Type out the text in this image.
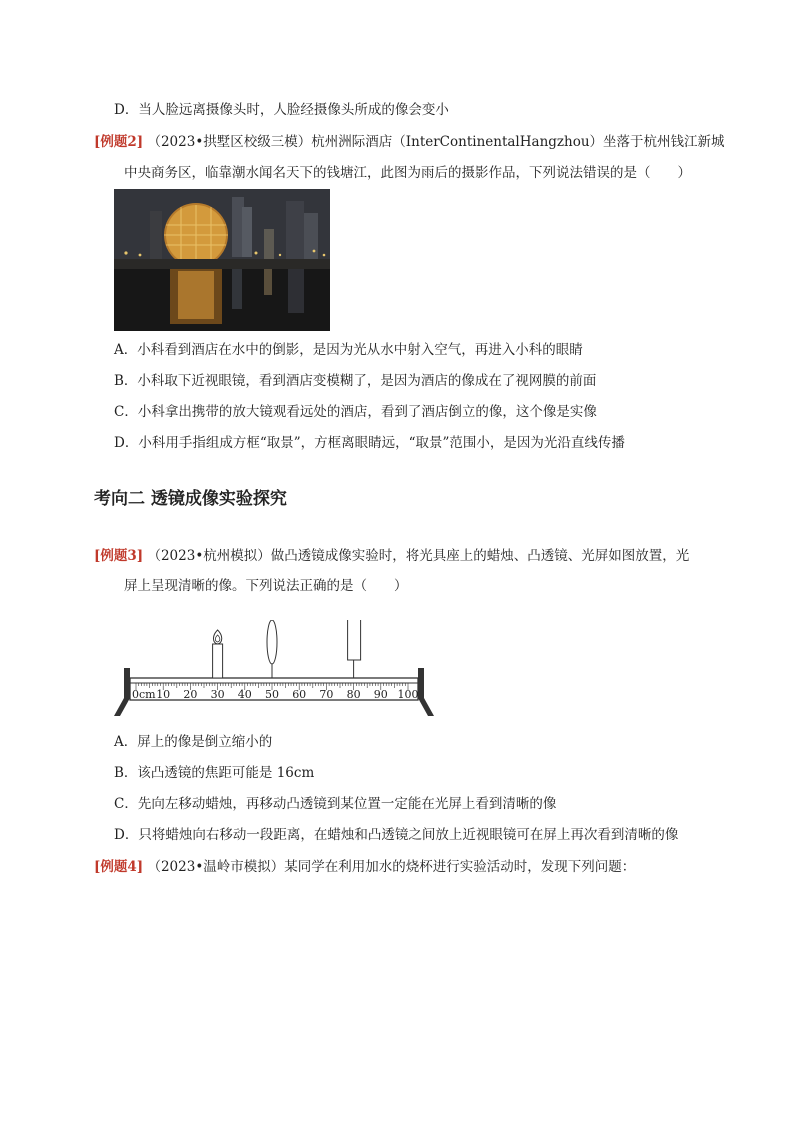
D．当人脸远离摄像头时，人脸经摄像头所成的像会变小
[例题2] （2023•拱墅区校级三模）杭州洲际酒店（InterContinentalHangzhou）坐落于杭州钱江新城
中央商务区，临靠潮水闻名天下的钱塘江，此图为雨后的摄影作品，下列说法错误的是（　　）
A．小科看到酒店在水中的倒影，是因为光从水中射入空气，再进入小科的眼睛
B．小科取下近视眼镜，看到酒店变模糊了，是因为酒店的像成在了视网膜的前面
C．小科拿出携带的放大镜观看远处的酒店，看到了酒店倒立的像，这个像是实像
D．小科用手指组成方框“取景”，方框离眼睛远，“取景”范围小，是因为光沿直线传播
考向二 透镜成像实验探究
[例题3] （2023•杭州模拟）做凸透镜成像实验时，将光具座上的蜡烛、凸透镜、光屏如图放置，光
屏上呈现清晰的像。下列说法正确的是（　　）
0cm 10 20 30 40 50 60 70 80 90 100
A．屏上的像是倒立缩小的
B．该凸透镜的焦距可能是 16cm
C．先向左移动蜡烛，再移动凸透镜到某位置一定能在光屏上看到清晰的像
D．只将蜡烛向右移动一段距离，在蜡烛和凸透镜之间放上近视眼镜可在屏上再次看到清晰的像
[例题4] （2023•温岭市模拟）某同学在利用加水的烧杯进行实验活动时，发现下列问题：
